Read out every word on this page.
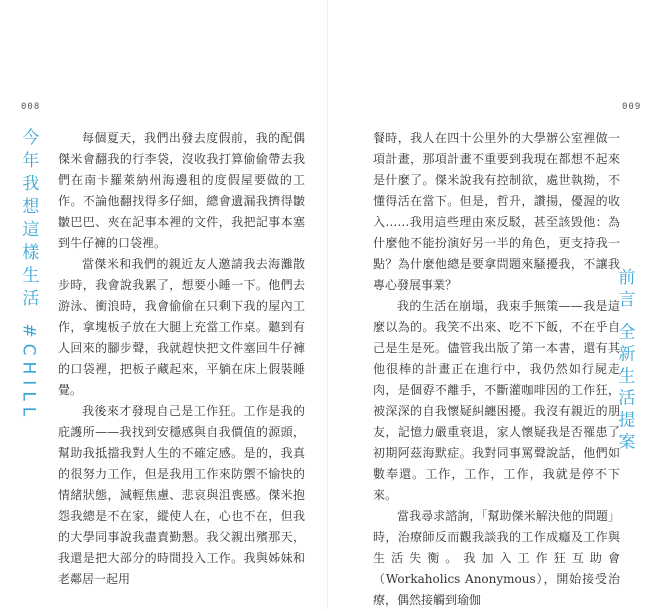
008
今年我想這樣生活 #CHILL	每個夏天，我們出發去度假前，我的配偶傑米會翻我的行李袋，沒收我打算偷偷帶去我們在南卡羅萊納州海邊租的度假屋要做的工作。不論他翻找得多仔細，總會遺漏我擠得皺皺巴巴、夾在記事本裡的文件，我把記事本塞到牛仔褲的口袋裡。

當傑米和我們的親近友人邀請我去海灘散步時，我會說我累了，想要小睡一下。他們去游泳、衝浪時，我會偷偷在只剩下我的屋內工作，拿塊板子放在大腿上充當工作桌。聽到有人回來的腳步聲，我就趕快把文件塞回牛仔褲的口袋裡，把板子藏起來，平躺在床上假裝睡覺。

我後來才發現自己是工作狂。工作是我的庇護所——我找到安穩感與自我價值的源頭，幫助我抵擋我對人生的不確定感。是的，我真的很努力工作，但是我用工作來防禦不愉快的情緒狀態，減輕焦慮、悲哀與沮喪感。傑米抱怨我總是不在家，縱使人在，心也不在，但我的大學同事說我盡責勤懇。我父親出殯那天，我還是把大部分的時間投入工作。我與姊妹和老鄰居一起用

009
前言 全新生活提案

餐時，我人在四十公里外的大學辦公室裡做一項計畫，那項計畫不重要到我現在都想不起來是什麼了。傑米說我有控制欲，處世執拗，不懂得活在當下。但是，哲升，讚揚，優渥的收入……我用這些理由來反駁，甚至該毀他：為什麼他不能扮演好另一半的角色，更支持我一點？為什麼他總是要拿問題來騷擾我，不讓我專心發展事業？

我的生活在崩塌，我束手無策——我是這麼以為的。我笑不出來、吃不下飯，不在乎自己是生是死。儘管我出版了第一本書，還有其他很棒的計畫正在進行中，我仍然如行屍走肉，是個孬不離手，不斷灌咖啡因的工作狂，被深深的自我懷疑糾纏困擾。我沒有親近的朋友，記憶力嚴重衰退，家人懷疑我是否罹患了初期阿茲海默症。我對同事罵聲說話，他們如數奉還。工作，工作，工作，我就是停不下來。

當我尋求諮詢，「幫助傑米解決他的問題」時，治療師反而觀我談我的工作成癮及工作與生活失衡。我加入工作狂互助會（Workaholics Anonymous），開始接受治療，偶然接觸到瑜伽
